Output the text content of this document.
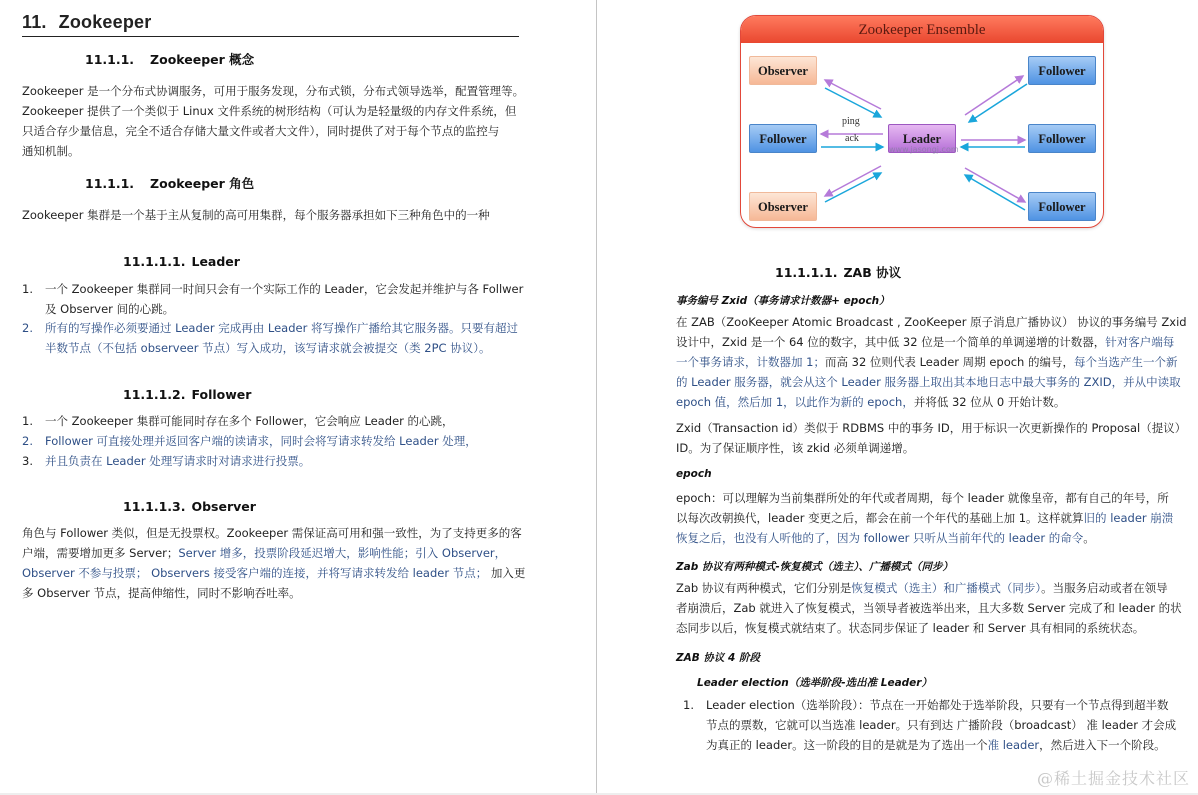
11. Zookeeper
11.1.1. Zookeeper 概念
Zookeeper 是一个分布式协调服务，可用于服务发现，分布式锁，分布式领导选举，配置管理等。
Zookeeper 提供了一个类似于 Linux 文件系统的树形结构（可认为是轻量级的内存文件系统，但
只适合存少量信息，完全不适合存储大量文件或者大文件），同时提供了对于每个节点的监控与
通知机制。
11.1.1. Zookeeper 角色
Zookeeper 集群是一个基于主从复制的高可用集群，每个服务器承担如下三种角色中的一种
11.1.1.1. Leader
1. 一个 Zookeeper 集群同一时间只会有一个实际工作的 Leader，它会发起并维护与各 Follwer
及 Observer 间的心跳。
2. 所有的写操作必须要通过 Leader 完成再由 Leader 将写操作广播给其它服务器。只要有超过
半数节点（不包括 observeer 节点）写入成功，该写请求就会被提交（类 2PC 协议）。
11.1.1.2. Follower
1. 一个 Zookeeper 集群可能同时存在多个 Follower，它会响应 Leader 的心跳，
2. Follower 可直接处理并返回客户端的读请求，同时会将写请求转发给 Leader 处理，
3. 并且负责在 Leader 处理写请求时对请求进行投票。
11.1.1.3. Observer
角色与 Follower 类似，但是无投票权。Zookeeper 需保证高可用和强一致性，为了支持更多的客
户端，需要增加更多 Server；Server 增多，投票阶段延迟增大，影响性能；引入 Observer，
Observer 不参与投票； Observers 接受客户端的连接，并将写请求转发给 leader 节点； 加入更
多 Observer 节点，提高伸缩性，同时不影响吞吐率。
Zookeeper Ensemble
Observer
Follower
Observer
Leader
www.jasongj.com
Follower
Follower
Follower
ping
ack
11.1.1.1. ZAB 协议
事务编号 Zxid（事务请求计数器+ epoch）
在 ZAB（ZooKeeper Atomic Broadcast , ZooKeeper 原子消息广播协议） 协议的事务编号 Zxid
设计中，Zxid 是一个 64 位的数字，其中低 32 位是一个简单的单调递增的计数器，针对客户端每
一个事务请求，计数器加 1；而高 32 位则代表 Leader 周期 epoch 的编号，每个当选产生一个新
的 Leader 服务器，就会从这个 Leader 服务器上取出其本地日志中最大事务的 ZXID，并从中读取
epoch 值，然后加 1，以此作为新的 epoch，并将低 32 位从 0 开始计数。
Zxid（Transaction id）类似于 RDBMS 中的事务 ID，用于标识一次更新操作的 Proposal（提议）
ID。为了保证顺序性，该 zkid 必须单调递增。
epoch
epoch：可以理解为当前集群所处的年代或者周期，每个 leader 就像皇帝，都有自己的年号，所
以每次改朝换代，leader 变更之后，都会在前一个年代的基础上加 1。这样就算旧的 leader 崩溃
恢复之后，也没有人听他的了，因为 follower 只听从当前年代的 leader 的命令。
Zab 协议有两种模式-恢复模式（选主）、广播模式（同步）
Zab 协议有两种模式，它们分别是恢复模式（选主）和广播模式（同步）。当服务启动或者在领导
者崩溃后，Zab 就进入了恢复模式，当领导者被选举出来，且大多数 Server 完成了和 leader 的状
态同步以后，恢复模式就结束了。状态同步保证了 leader 和 Server 具有相同的系统状态。
ZAB 协议 4 阶段
Leader election（选举阶段-选出准 Leader）
1. Leader election（选举阶段）：节点在一开始都处于选举阶段，只要有一个节点得到超半数
节点的票数，它就可以当选准 leader。只有到达 广播阶段（broadcast） 准 leader 才会成
为真正的 leader。这一阶段的目的是就是为了选出一个准 leader，然后进入下一个阶段。
@稀土掘金技术社区
